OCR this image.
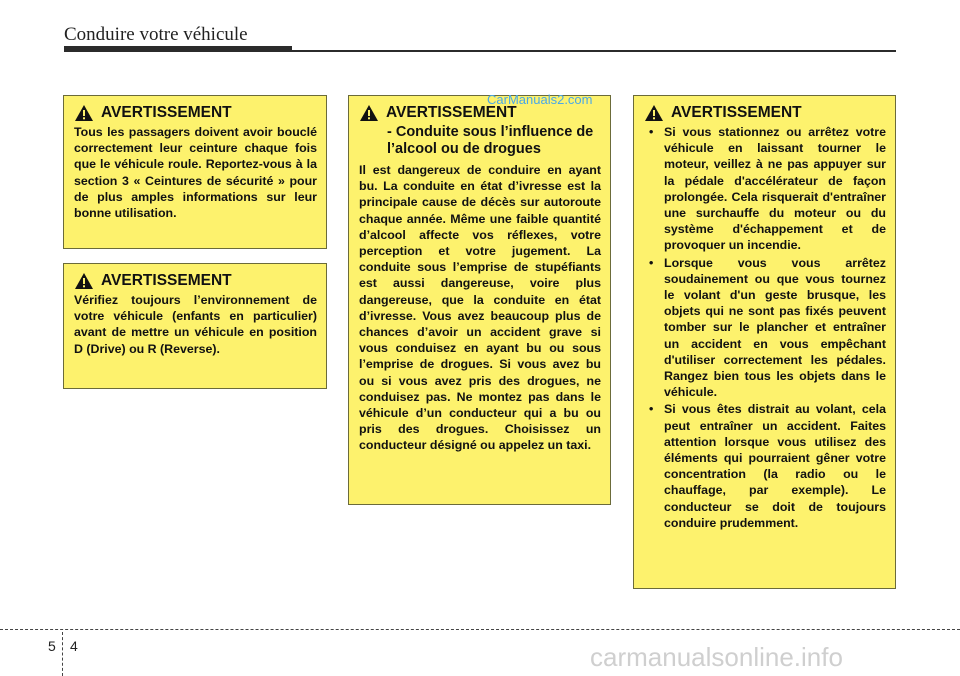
Conduire votre véhicule
AVERTISSEMENT
Tous les passagers doivent avoir bouclé correctement leur ceinture chaque fois que le véhicule roule. Reportez-vous à la section 3 « Ceintures de sécurité » pour de plus amples informations sur leur bonne utilisation.
AVERTISSEMENT
Vérifiez toujours l’environnement de votre véhicule (enfants en particulier) avant de mettre un véhicule en position D (Drive) ou R (Reverse).
AVERTISSEMENT
- Conduite sous l’influence de l’alcool ou de drogues
Il est dangereux de conduire en ayant bu. La conduite en état d’ivresse est la principale cause de décès sur autoroute chaque année. Même une faible quantité d’alcool affecte vos réflexes, votre perception et votre jugement. La conduite sous l’emprise de stupéfiants est aussi dangereuse, voire plus dangereuse, que la conduite en état d’ivresse. Vous avez beaucoup plus de chances d’avoir un accident grave si vous conduisez en ayant bu ou sous l’emprise de drogues. Si vous avez bu ou si vous avez pris des drogues, ne conduisez pas. Ne montez pas dans le véhicule d’un conducteur qui a bu ou pris des drogues. Choisissez un conducteur désigné ou appelez un taxi.
AVERTISSEMENT
• Si vous stationnez ou arrêtez votre véhicule en laissant tourner le moteur, veillez à ne pas appuyer sur la pédale d'accélérateur de façon prolongée. Cela risquerait d'entraîner une surchauffe du moteur ou du système d'échappement et de provoquer un incendie.
• Lorsque vous vous arrêtez soudainement ou que vous tournez le volant d'un geste brusque, les objets qui ne sont pas fixés peuvent tomber sur le plancher et entraîner un accident en vous empêchant d'utiliser correctement les pédales. Rangez bien tous les objets dans le véhicule.
• Si vous êtes distrait au volant, cela peut entraîner un accident. Faites attention lorsque vous utilisez des éléments qui pourraient gêner votre concentration (la radio ou le chauffage, par exemple). Le conducteur se doit de toujours conduire prudemment.
CarManuals2.com
5 4	carmanualsonline.info
